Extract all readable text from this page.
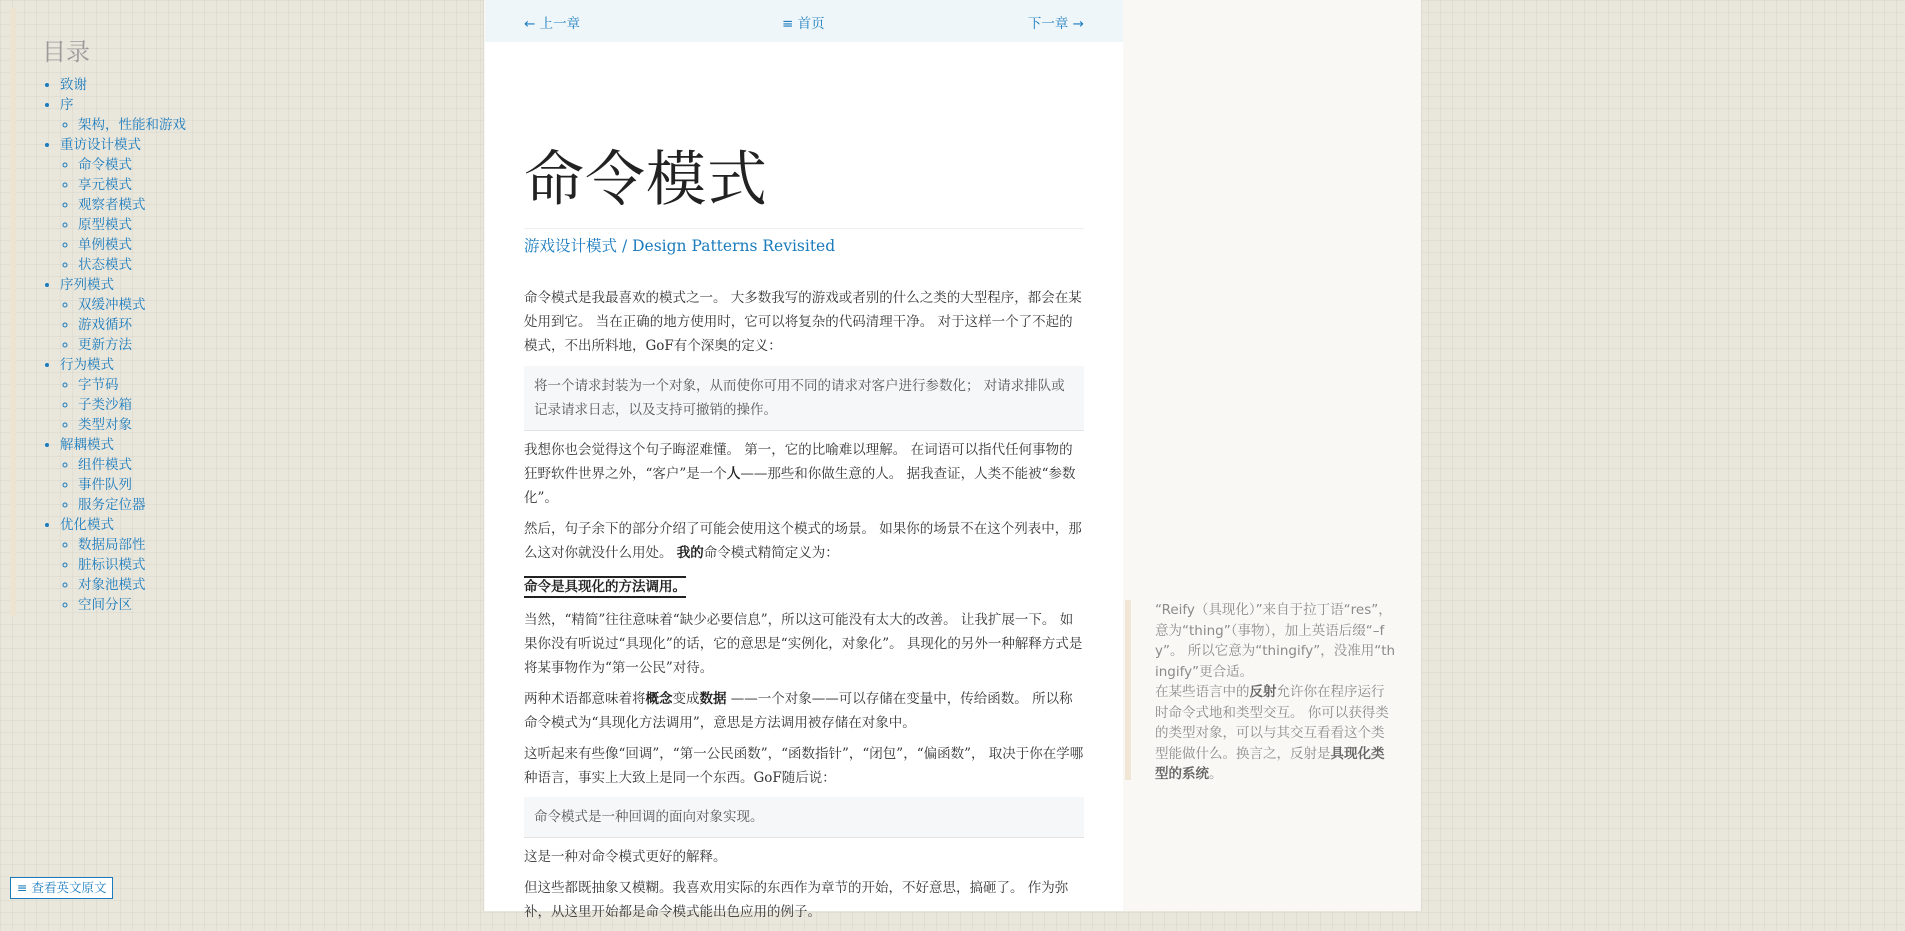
目录
• 致谢
• 序
◦ 架构，性能和游戏
• 重访设计模式
◦ 命令模式
◦ 享元模式
◦ 观察者模式
◦ 原型模式
◦ 单例模式
◦ 状态模式
• 序列模式
◦ 双缓冲模式
◦ 游戏循环
◦ 更新方法
• 行为模式
◦ 字节码
◦ 子类沙箱
◦ 类型对象
• 解耦模式
◦ 组件模式
◦ 事件队列
◦ 服务定位器
• 优化模式
◦ 数据局部性
◦ 脏标识模式
◦ 对象池模式
◦ 空间分区
≡ 查看英文原文
← 上一章	≡ 首页	下一章 →
命令模式
游戏设计模式 / Design Patterns Revisited

命令模式是我最喜欢的模式之一。 大多数我写的游戏或者别的什么之类的大型程序，都会在某处用到它。 当在正确的地方使用时，它可以将复杂的代码清理干净。 对于这样一个了不起的模式，不出所料地，GoF有个深奥的定义：

将一个请求封装为一个对象，从而使你可用不同的请求对客户进行参数化； 对请求排队或记录请求日志，以及支持可撤销的操作。

我想你也会觉得这个句子晦涩难懂。 第一，它的比喻难以理解。 在词语可以指代任何事物的狂野软件世界之外，“客户”是一个人——那些和你做生意的人。 据我查证，人类不能被“参数化”。

然后，句子余下的部分介绍了可能会使用这个模式的场景。 如果你的场景不在这个列表中，那么这对你就没什么用处。 我的命令模式精简定义为：

命令是具现化的方法调用。

当然，“精简”往往意味着“缺少必要信息”，所以这可能没有太大的改善。 让我扩展一下。 如果你没有听说过“具现化”的话，它的意思是“实例化，对象化”。 具现化的另外一种解释方式是将某事物作为“第一公民”对待。

两种术语都意味着将概念变成数据 ——一个对象——可以存储在变量中，传给函数。 所以称命令模式为“具现化方法调用”，意思是方法调用被存储在对象中。

这听起来有些像“回调”，“第一公民函数”，“函数指针”，“闭包”，“偏函数”， 取决于你在学哪种语言，事实上大致上是同一个东西。GoF随后说：

命令模式是一种回调的面向对象实现。

这是一种对命令模式更好的解释。

但这些都既抽象又模糊。我喜欢用实际的东西作为章节的开始，不好意思，搞砸了。 作为弥补，从这里开始都是命令模式能出色应用的例子。

“Reify（具现化）”来自于拉丁语“res”，意为“thing”（事物），加上英语后缀“–fy”。 所以它意为“thingify”，没准用“thingify”更合适。

在某些语言中的反射允许你在程序运行时命令式地和类型交互。 你可以获得类的类型对象，可以与其交互看看这个类型能做什么。换言之，反射是具现化类型的系统。
